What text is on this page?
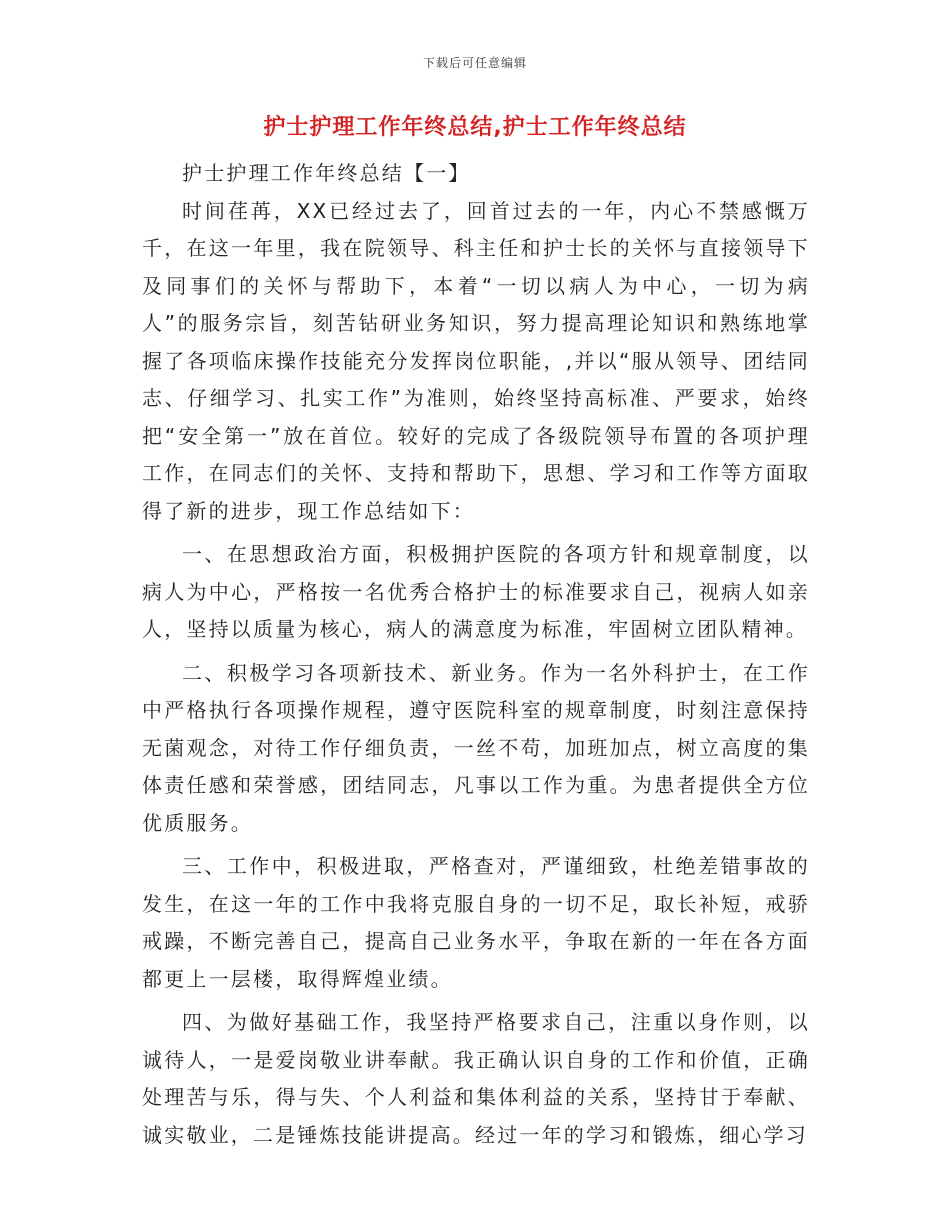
下载后可任意编辑
护士护理工作年终总结,护士工作年终总结

护士护理工作年终总结【一】

时间荏苒，XX已经过去了，回首过去的一年，内心不禁感慨万千，在这一年里，我在院领导、科主任和护士长的关怀与直接领导下及同事们的关怀与帮助下，本着“一切以病人为中心，一切为病人”的服务宗旨，刻苦钻研业务知识，努力提高理论知识和熟练地掌握了各项临床操作技能充分发挥岗位职能，,并以“服从领导、团结同志、仔细学习、扎实工作”为准则，始终坚持高标准、严要求，始终把“安全第一”放在首位。较好的完成了各级院领导布置的各项护理工作，在同志们的关怀、支持和帮助下，思想、学习和工作等方面取得了新的进步，现工作总结如下：

一、在思想政治方面，积极拥护医院的各项方针和规章制度，以病人为中心，严格按一名优秀合格护士的标准要求自己，视病人如亲人，坚持以质量为核心，病人的满意度为标准，牢固树立团队精神。

二、积极学习各项新技术、新业务。作为一名外科护士，在工作中严格执行各项操作规程，遵守医院科室的规章制度，时刻注意保持无菌观念，对待工作仔细负责，一丝不苟，加班加点，树立高度的集体责任感和荣誉感，团结同志，凡事以工作为重。为患者提供全方位优质服务。

三、工作中，积极进取，严格查对，严谨细致，杜绝差错事故的发生，在这一年的工作中我将克服自身的一切不足，取长补短，戒骄戒躁，不断完善自己，提高自己业务水平，争取在新的一年在各方面都更上一层楼，取得辉煌业绩。

四、为做好基础工作，我坚持严格要求自己，注重以身作则，以诚待人，一是爱岗敬业讲奉献。我正确认识自身的工作和价值，正确处理苦与乐，得与失、个人利益和集体利益的关系，坚持甘于奉献、诚实敬业，二是锤炼技能讲提高。经过一年的学习和锻炼，细心学习
